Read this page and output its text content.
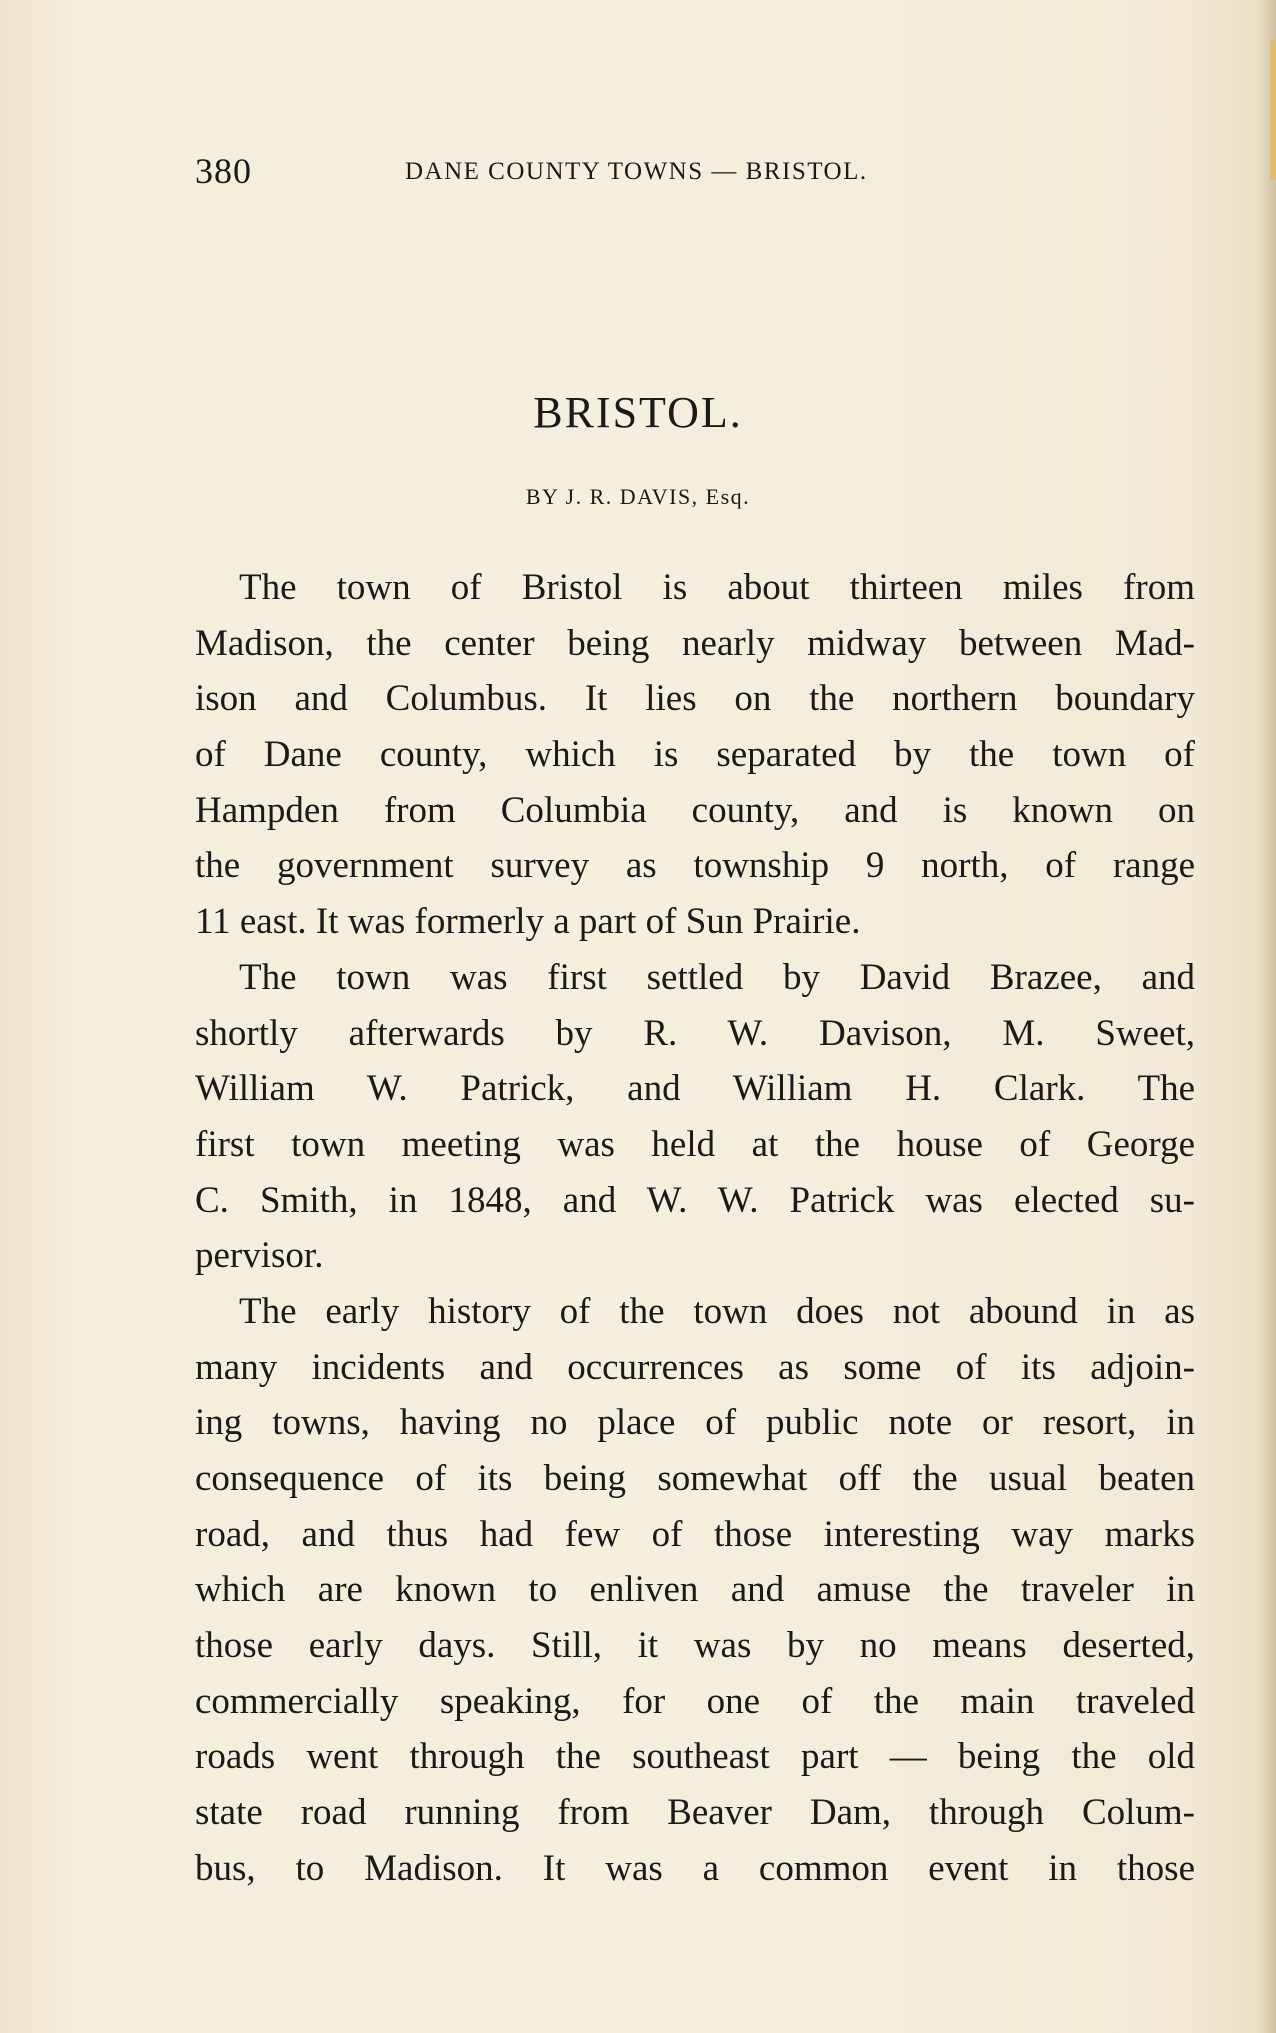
380	DANE COUNTY TOWNS — BRISTOL.
BRISTOL.
BY J. R. DAVIS, Esq.
The town of Bristol is about thirteen miles from
Madison, the center being nearly midway between Mad-
ison and Columbus. It lies on the northern boundary
of Dane county, which is separated by the town of
Hampden from Columbia county, and is known on
the government survey as township 9 north, of range
11 east. It was formerly a part of Sun Prairie.
The town was first settled by David Brazee, and
shortly afterwards by R. W. Davison, M. Sweet,
William W. Patrick, and William H. Clark. The
first town meeting was held at the house of George
C. Smith, in 1848, and W. W. Patrick was elected su-
pervisor.
The early history of the town does not abound in as
many incidents and occurrences as some of its adjoin-
ing towns, having no place of public note or resort, in
consequence of its being somewhat off the usual beaten
road, and thus had few of those interesting way marks
which are known to enliven and amuse the traveler in
those early days. Still, it was by no means deserted,
commercially speaking, for one of the main traveled
roads went through the southeast part — being the old
state road running from Beaver Dam, through Colum-
bus, to Madison. It was a common event in those
